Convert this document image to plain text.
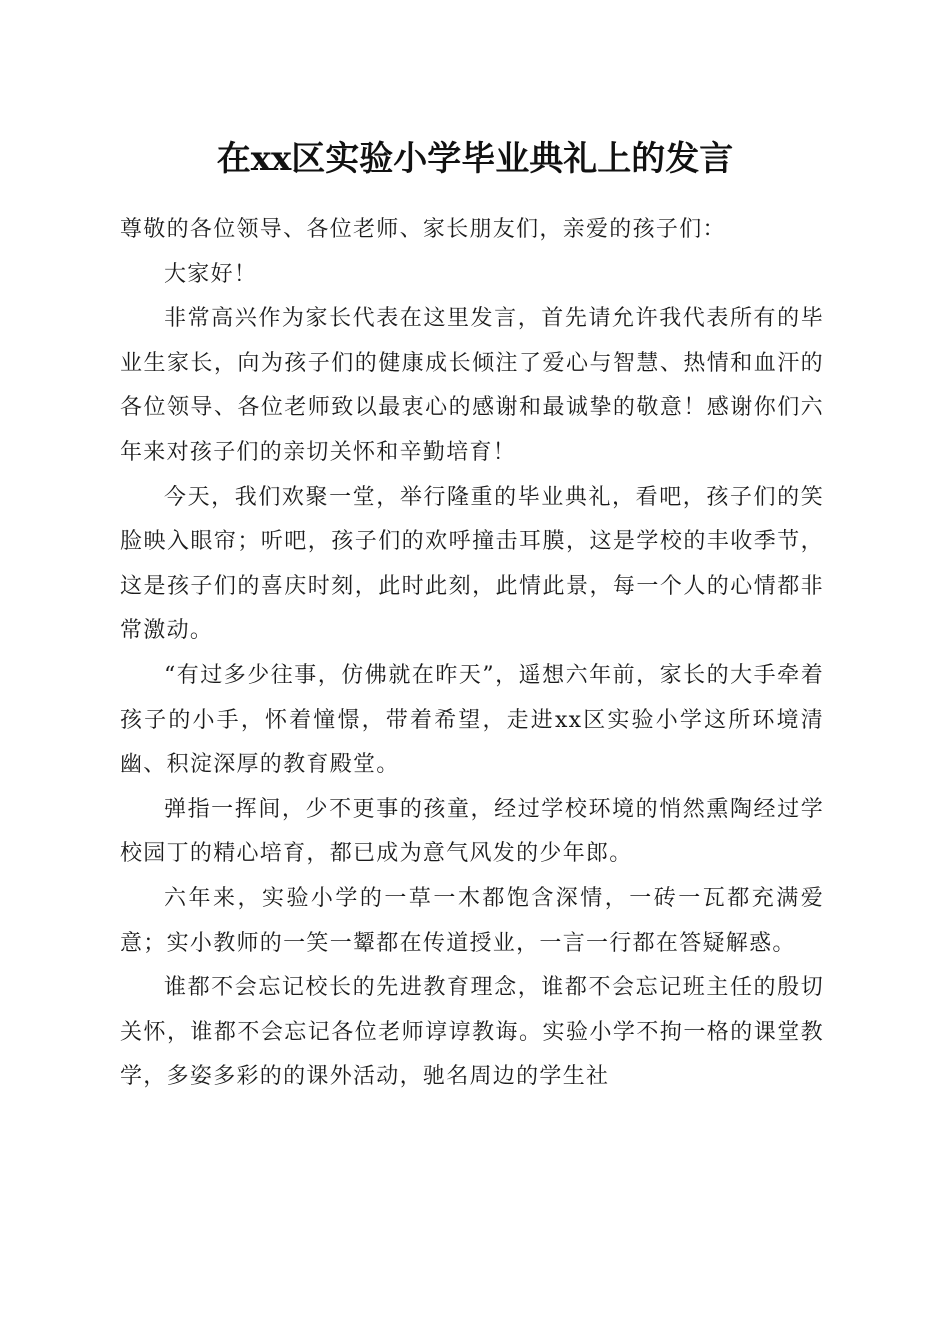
在xx区实验小学毕业典礼上的发言

尊敬的各位领导、各位老师、家长朋友们，亲爱的孩子们：

大家好！

非常高兴作为家长代表在这里发言，首先请允许我代表所有的毕业生家长，向为孩子们的健康成长倾注了爱心与智慧、热情和血汗的各位领导、各位老师致以最衷心的感谢和最诚挚的敬意！感谢你们六年来对孩子们的亲切关怀和辛勤培育！

今天，我们欢聚一堂，举行隆重的毕业典礼，看吧，孩子们的笑脸映入眼帘；听吧，孩子们的欢呼撞击耳膜，这是学校的丰收季节，这是孩子们的喜庆时刻，此时此刻，此情此景，每一个人的心情都非常激动。

“有过多少往事，仿佛就在昨天”，遥想六年前，家长的大手牵着孩子的小手，怀着憧憬，带着希望，走进xx区实验小学这所环境清幽、积淀深厚的教育殿堂。

弹指一挥间，少不更事的孩童，经过学校环境的悄然熏陶经过学校园丁的精心培育，都已成为意气风发的少年郎。

六年来，实验小学的一草一木都饱含深情，一砖一瓦都充满爱意；实小教师的一笑一颦都在传道授业，一言一行都在答疑解惑。

谁都不会忘记校长的先进教育理念，谁都不会忘记班主任的殷切关怀，谁都不会忘记各位老师谆谆教诲。实验小学不拘一格的课堂教学，多姿多彩的的课外活动，驰名周边的学生社
